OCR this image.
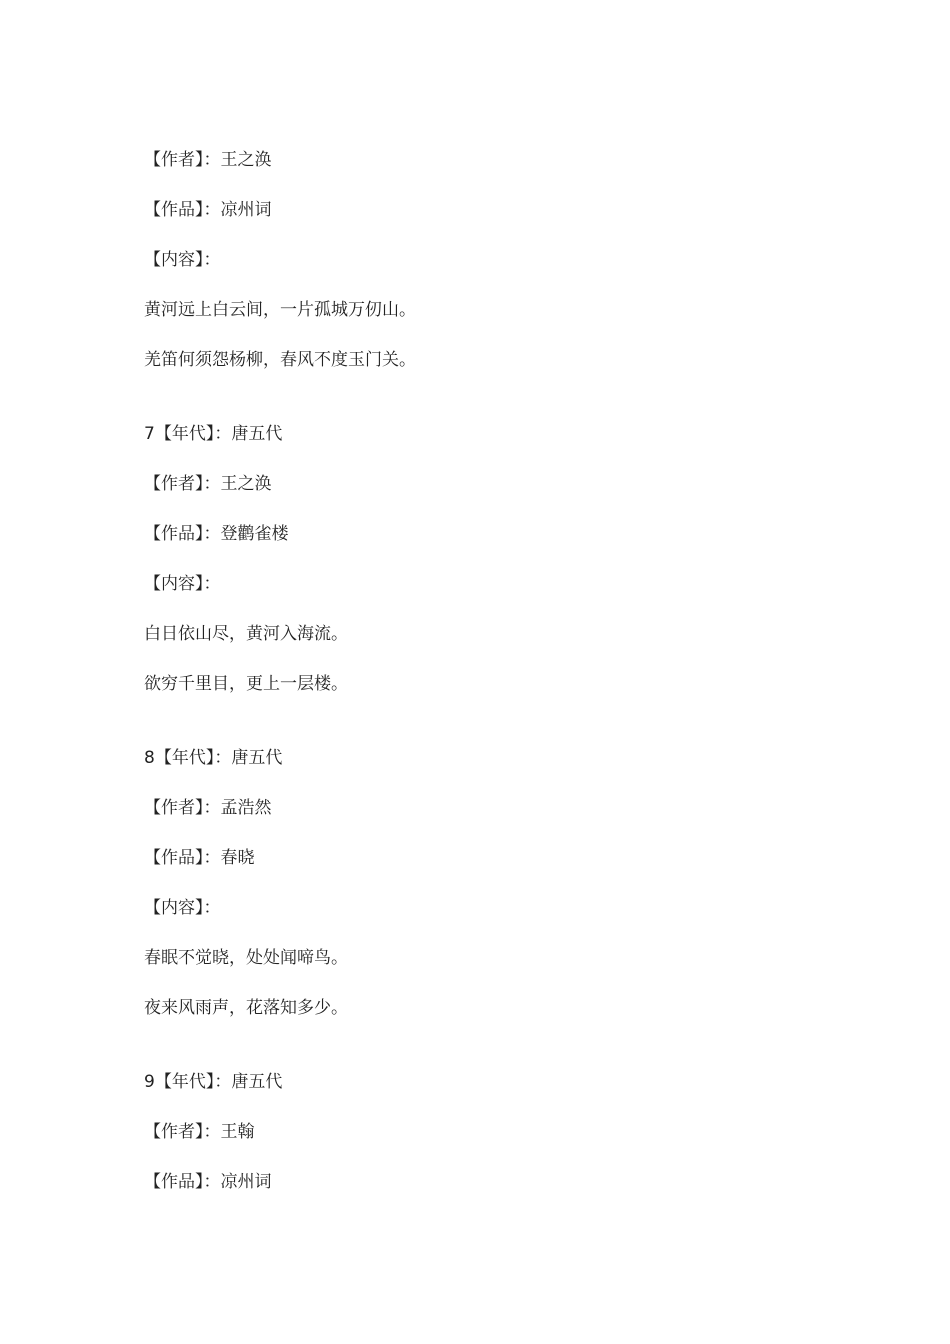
【作者】：王之涣
【作品】：凉州词
【内容】：
黄河远上白云间，一片孤城万仞山。
羌笛何须怨杨柳，春风不度玉门关。
7【年代】：唐五代
【作者】：王之涣
【作品】：登鹳雀楼
【内容】：
白日依山尽，黄河入海流。
欲穷千里目，更上一层楼。
8【年代】：唐五代
【作者】：孟浩然
【作品】：春晓
【内容】：
春眠不觉晓，处处闻啼鸟。
夜来风雨声，花落知多少。
9【年代】：唐五代
【作者】：王翰
【作品】：凉州词
